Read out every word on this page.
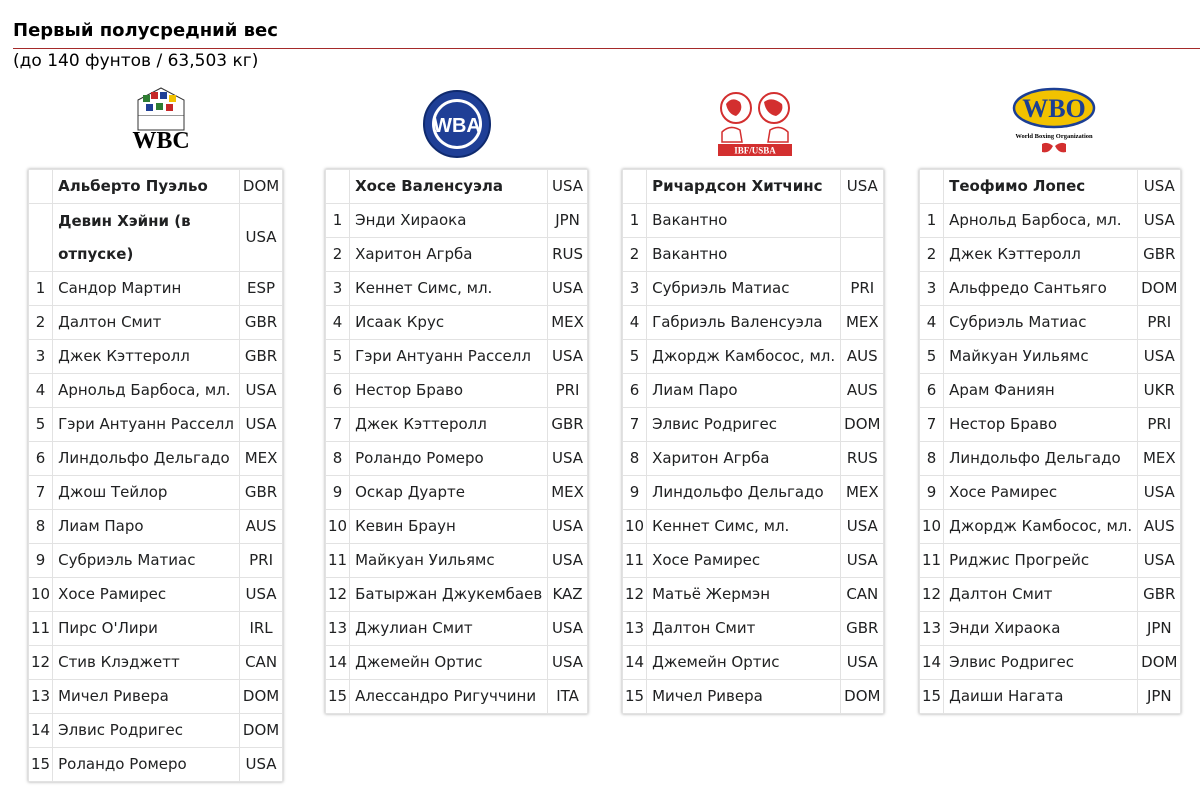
Первый полусредний вес
(до 140 фунтов / 63,503 кг)
WBC
	Альберто Пуэльо	DOM
	Девин Хэйни (в отпуске)	USA
1	Сандор Мартин	ESP
2	Далтон Смит	GBR
3	Джек Кэттеролл	GBR
4	Арнольд Барбоса, мл.	USA
5	Гэри Антуанн Расселл	USA
6	Линдольфо Дельгадо	MEX
7	Джош Тейлор	GBR
8	Лиам Паро	AUS
9	Субриэль Матиас	PRI
10	Хосе Рамирес	USA
11	Пирс О'Лири	IRL
12	Стив Клэджетт	CAN
13	Мичел Ривера	DOM
14	Элвис Родригес	DOM
15	Роландо Ромеро	USA
WBA
	Хосе Валенсуэла	USA
1	Энди Хираока	JPN
2	Харитон Агрба	RUS
3	Кеннет Симс, мл.	USA
4	Исаак Крус	MEX
5	Гэри Антуанн Расселл	USA
6	Нестор Браво	PRI
7	Джек Кэттеролл	GBR
8	Роландо Ромеро	USA
9	Оскар Дуарте	MEX
10	Кевин Браун	USA
11	Майкуан Уильямс	USA
12	Батыржан Джукембаев	KAZ
13	Джулиан Смит	USA
14	Джемейн Ортис	USA
15	Алессандро Ригуччини	ITA
IBF/USBA
	Ричардсон Хитчинс	USA
1	Вакантно	
2	Вакантно	
3	Субриэль Матиас	PRI
4	Габриэль Валенсуэла	MEX
5	Джордж Камбосос, мл.	AUS
6	Лиам Паро	AUS
7	Элвис Родригес	DOM
8	Харитон Агрба	RUS
9	Линдольфо Дельгадо	MEX
10	Кеннет Симс, мл.	USA
11	Хосе Рамирес	USA
12	Матьё Жермэн	CAN
13	Далтон Смит	GBR
14	Джемейн Ортис	USA
15	Мичел Ривера	DOM
WBO
World Boxing Organization
	Теофимо Лопес	USA
1	Арнольд Барбоса, мл.	USA
2	Джек Кэттеролл	GBR
3	Альфредо Сантьяго	DOM
4	Субриэль Матиас	PRI
5	Майкуан Уильямс	USA
6	Арам Фаниян	UKR
7	Нестор Браво	PRI
8	Линдольфо Дельгадо	MEX
9	Хосе Рамирес	USA
10	Джордж Камбосос, мл.	AUS
11	Риджис Прогрейс	USA
12	Далтон Смит	GBR
13	Энди Хираока	JPN
14	Элвис Родригес	DOM
15	Даиши Нагата	JPN
